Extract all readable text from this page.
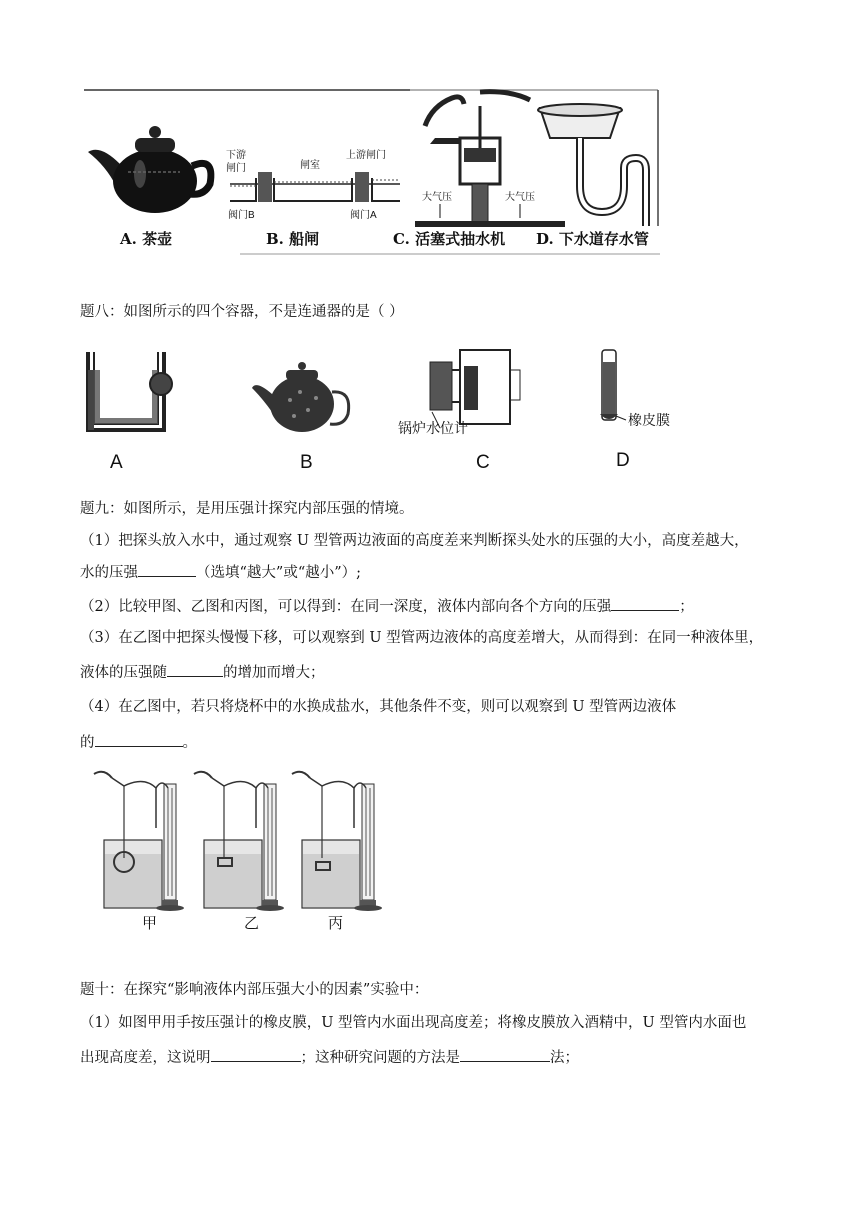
下游
闸门	闸室
上游闸门
阀门B	阀门A
大气压	大气压
A. 茶壶	B. 船闸	C. 活塞式抽水机 D. 下水道存水管
题八：如图所示的四个容器，不是连通器的是（ ）
A	B	C	D
锅炉水位计	橡皮膜
题九：如图所示，是用压强计探究内部压强的情境。
（1）把探头放入水中，通过观察 U 型管两边液面的高度差来判断探头处水的压强的大小，高度差越大，
水的压强	（选填“越大”或“越小”）;
（2）比较甲图、乙图和丙图，可以得到：在同一深度，液体内部向各个方向的压强	；
（3）在乙图中把探头慢慢下移，可以观察到 U 型管两边液体的高度差增大，从而得到：在同一种液体里，
液体的压强随	的增加而增大；
（4）在乙图中，若只将烧杯中的水换成盐水，其他条件不变，则可以观察到 U 型管两边液体
的	。
甲	乙	丙
题十：在探究“影响液体内部压强大小的因素”实验中：
（1）如图甲用手按压强计的橡皮膜，U 型管内水面出现高度差；将橡皮膜放入酒精中，U 型管内水面也
出现高度差，这说明	；这种研究问题的方法是	法；
